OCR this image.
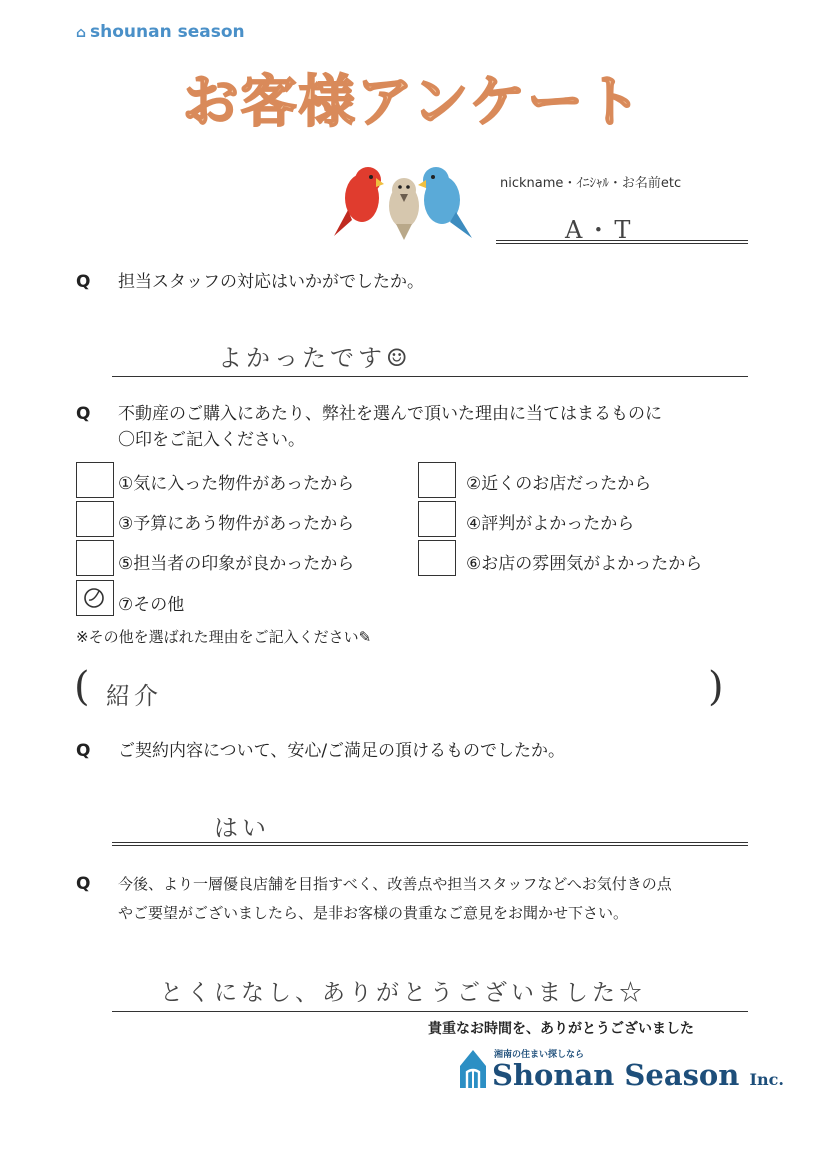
⌂ shounan season
お客様アンケート
nickname・ｲﾆｼｬﾙ・お名前etc
A・T
Q 担当スタッフの対応はいかがでしたか。
よかったです☺
Q 不動産のご購入にあたり、弊社を選んで頂いた理由に当てはまるものに
〇印をご記入ください。
①気に入った物件があったから
③予算にあう物件があったから
⑤担当者の印象が良かったから
⑦その他
②近くのお店だったから
④評判がよかったから
⑥お店の雰囲気がよかったから
※その他を選ばれた理由をご記入ください✎
( 紹介	)
Q ご契約内容について、安心/ご満足の頂けるものでしたか。
はい
Q 今後、より一層優良店舗を目指すべく、改善点や担当スタッフなどへお気付きの点
やご要望がございましたら、是非お客様の貴重なご意見をお聞かせ下さい。
とくになし、ありがとうございました☆
貴重なお時間を、ありがとうございました
湘南の住まい探しなら
Shonan Season Inc.
